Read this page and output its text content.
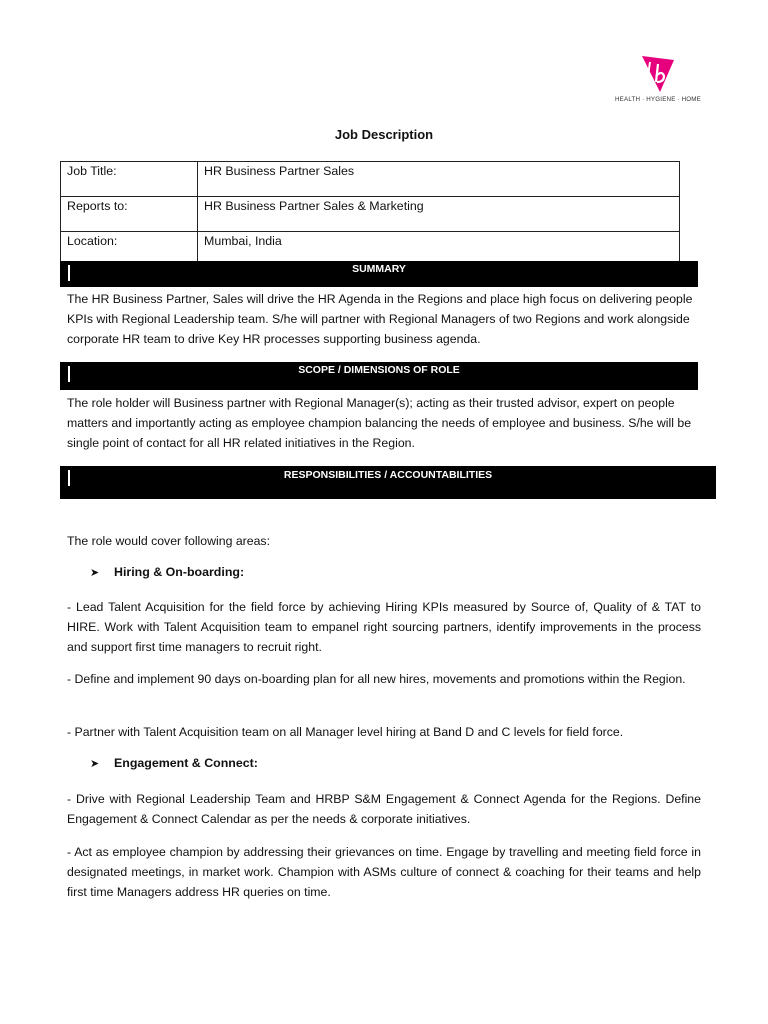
HEALTH · HYGIENE · HOME
Job Description
Job Title:	HR Business Partner Sales
Reports to:	HR Business Partner Sales & Marketing
Location:	Mumbai, India
SUMMARY
The HR Business Partner, Sales will drive the HR Agenda in the Regions and place high focus on delivering people KPIs with Regional Leadership team. S/he will partner with Regional Managers of two Regions and work alongside corporate HR team to drive Key HR processes supporting business agenda.
SCOPE / DIMENSIONS OF ROLE
The role holder will Business partner with Regional Manager(s); acting as their trusted advisor, expert on people matters and importantly acting as employee champion balancing the needs of employee and business. S/he will be single point of contact for all HR related initiatives in the Region.
RESPONSIBILITIES / ACCOUNTABILITIES
The role would cover following areas:
➤ Hiring & On-boarding:
- Lead Talent Acquisition for the field force by achieving Hiring KPIs measured by Source of, Quality of & TAT to HIRE. Work with Talent Acquisition team to empanel right sourcing partners, identify improvements in the process and support first time managers to recruit right.
- Define and implement 90 days on-boarding plan for all new hires, movements and promotions within the Region.
- Partner with Talent Acquisition team on all Manager level hiring at Band D and C levels for field force.
➤ Engagement & Connect:
- Drive with Regional Leadership Team and HRBP S&M Engagement & Connect Agenda for the Regions. Define Engagement & Connect Calendar as per the needs & corporate initiatives.
- Act as employee champion by addressing their grievances on time. Engage by travelling and meeting field force in designated meetings, in market work. Champion with ASMs culture of connect & coaching for their teams and help first time Managers address HR queries on time.
